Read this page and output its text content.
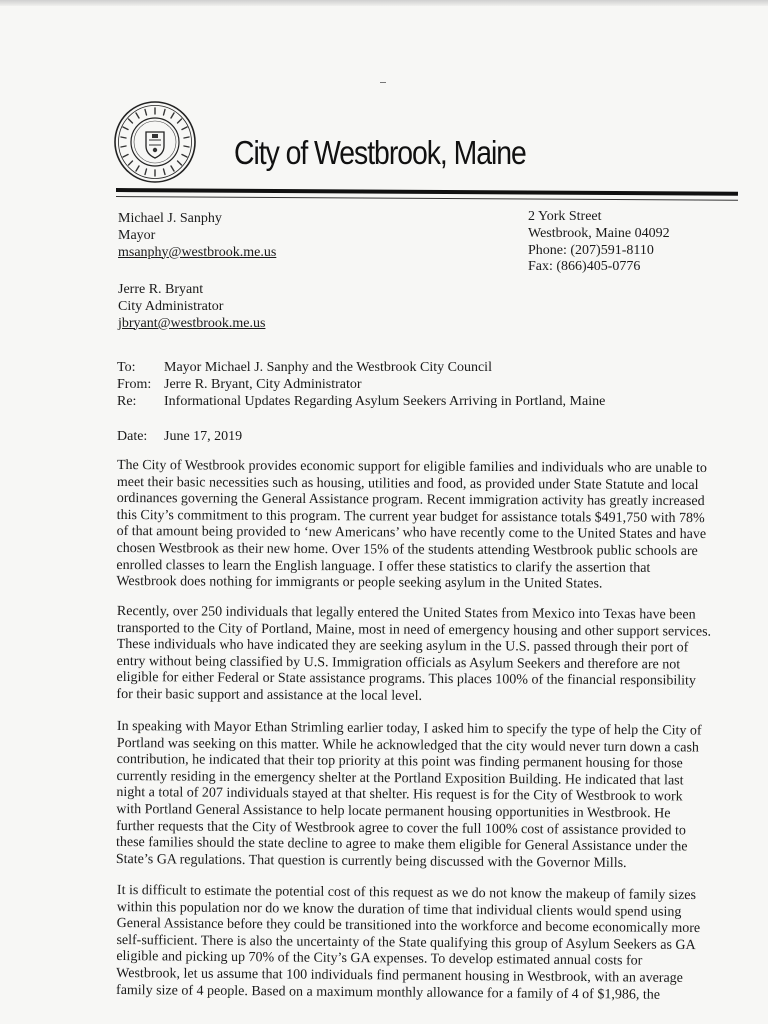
City of Westbrook, Maine
Michael J. Sanphy
Mayor
msanphy@westbrook.me.us
Jerre R. Bryant
City Administrator
jbryant@westbrook.me.us
2 York Street
Westbrook, Maine 04092
Phone: (207)591-8110
Fax: (866)405-0776
To:	Mayor Michael J. Sanphy and the Westbrook City Council
From: Jerre R. Bryant, City Administrator
Re:	Informational Updates Regarding Asylum Seekers Arriving in Portland, Maine
Date:	June 17, 2019
The City of Westbrook provides economic support for eligible families and individuals who are unable to
meet their basic necessities such as housing, utilities and food, as provided under State Statute and local
ordinances governing the General Assistance program. Recent immigration activity has greatly increased
this City’s commitment to this program. The current year budget for assistance totals $491,750 with 78%
of that amount being provided to ‘new Americans’ who have recently come to the United States and have
chosen Westbrook as their new home. Over 15% of the students attending Westbrook public schools are
enrolled classes to learn the English language. I offer these statistics to clarify the assertion that
Westbrook does nothing for immigrants or people seeking asylum in the United States.
Recently, over 250 individuals that legally entered the United States from Mexico into Texas have been
transported to the City of Portland, Maine, most in need of emergency housing and other support services.
These individuals who have indicated they are seeking asylum in the U.S. passed through their port of
entry without being classified by U.S. Immigration officials as Asylum Seekers and therefore are not
eligible for either Federal or State assistance programs. This places 100% of the financial responsibility
for their basic support and assistance at the local level.
In speaking with Mayor Ethan Strimling earlier today, I asked him to specify the type of help the City of
Portland was seeking on this matter. While he acknowledged that the city would never turn down a cash
contribution, he indicated that their top priority at this point was finding permanent housing for those
currently residing in the emergency shelter at the Portland Exposition Building. He indicated that last
night a total of 207 individuals stayed at that shelter. His request is for the City of Westbrook to work
with Portland General Assistance to help locate permanent housing opportunities in Westbrook. He
further requests that the City of Westbrook agree to cover the full 100% cost of assistance provided to
these families should the state decline to agree to make them eligible for General Assistance under the
State’s GA regulations. That question is currently being discussed with the Governor Mills.
It is difficult to estimate the potential cost of this request as we do not know the makeup of family sizes
within this population nor do we know the duration of time that individual clients would spend using
General Assistance before they could be transitioned into the workforce and become economically more
self-sufficient. There is also the uncertainty of the State qualifying this group of Asylum Seekers as GA
eligible and picking up 70% of the City’s GA expenses. To develop estimated annual costs for
Westbrook, let us assume that 100 individuals find permanent housing in Westbrook, with an average
family size of 4 people. Based on a maximum monthly allowance for a family of 4 of $1,986, the
